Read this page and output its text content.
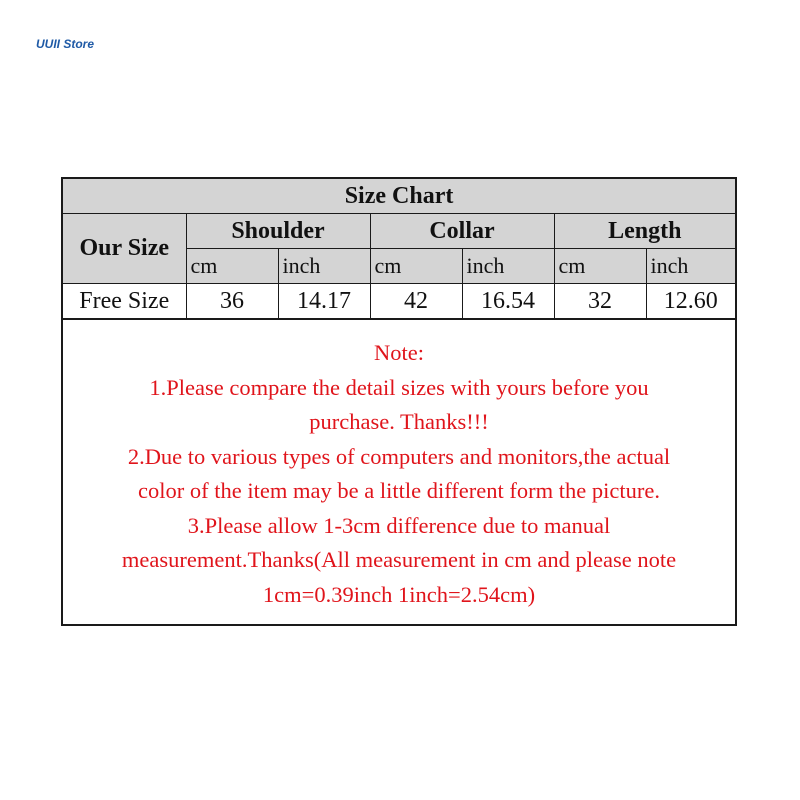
UUII Store
Size Chart						
Our Size	Shoulder		Collar		Length	
	cm	inch	cm	inch	cm	inch
Free Size	36	14.17	42	16.54	32	12.60
Note:
1.Please compare the detail sizes with yours before you
purchase. Thanks!!!
2.Due to various types of computers and monitors,the actual
color of the item may be a little different form the picture.
3.Please allow 1-3cm difference due to manual
measurement.Thanks(All measurement in cm and please note
1cm=0.39inch 1inch=2.54cm)
